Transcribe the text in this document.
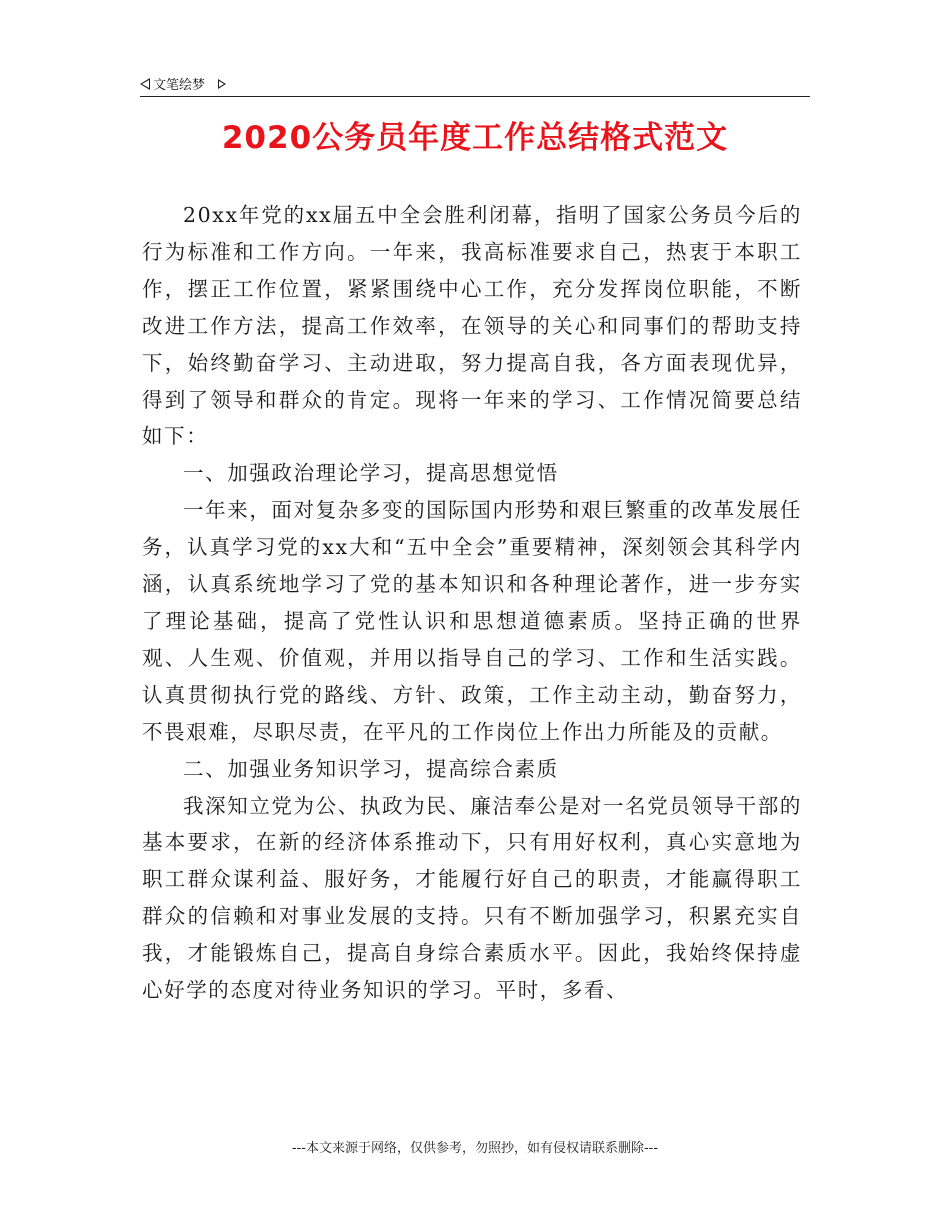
文笔绘梦
2020公务员年度工作总结格式范文

20xx年党的xx届五中全会胜利闭幕，指明了国家公务员今后的行为标准和工作方向。一年来，我高标准要求自己，热衷于本职工作，摆正工作位置，紧紧围绕中心工作，充分发挥岗位职能，不断改进工作方法，提高工作效率，在领导的关心和同事们的帮助支持下，始终勤奋学习、主动进取，努力提高自我，各方面表现优异，得到了领导和群众的肯定。现将一年来的学习、工作情况简要总结如下：

一、加强政治理论学习，提高思想觉悟

一年来，面对复杂多变的国际国内形势和艰巨繁重的改革发展任务，认真学习党的xx大和“五中全会”重要精神，深刻领会其科学内涵，认真系统地学习了党的基本知识和各种理论著作，进一步夯实了理论基础，提高了党性认识和思想道德素质。坚持正确的世界观、人生观、价值观，并用以指导自己的学习、工作和生活实践。认真贯彻执行党的路线、方针、政策，工作主动主动，勤奋努力，不畏艰难，尽职尽责，在平凡的工作岗位上作出力所能及的贡献。

二、加强业务知识学习，提高综合素质

我深知立党为公、执政为民、廉洁奉公是对一名党员领导干部的基本要求，在新的经济体系推动下，只有用好权利，真心实意地为职工群众谋利益、服好务，才能履行好自己的职责，才能赢得职工群众的信赖和对事业发展的支持。只有不断加强学习，积累充实自我，才能锻炼自己，提高自身综合素质水平。因此，我始终保持虚心好学的态度对待业务知识的学习。平时，多看、

---本文来源于网络，仅供参考，勿照抄，如有侵权请联系删除---
